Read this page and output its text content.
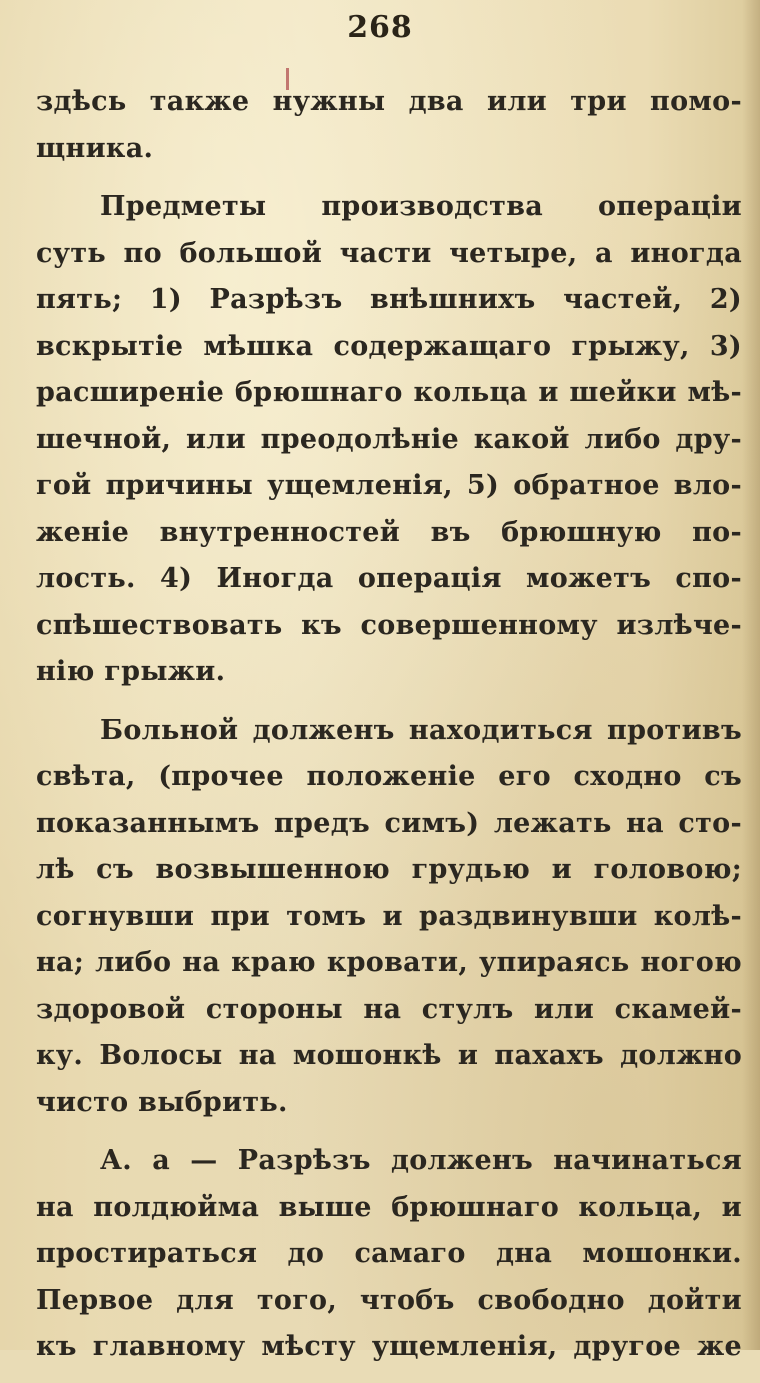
268
здѣсь также нужны два или три помо-
щника.
Предметы производства операціи
суть по большой части четыре, а иногда
пять; 1) Разрѣзъ внѣшнихъ частей, 2)
вскрытіе мѣшка содержащаго грыжу, 3)
расширеніе брюшнаго кольца и шейки мѣ-
шечной, или преодолѣніе какой либо дру-
гой причины ущемленія, 5) обратное вло-
женіе внутренностей въ брюшную по-
лость. 4) Иногда операція можетъ спо-
спѣшествовать къ совершенному излѣче-
нію грыжи.
Больной долженъ находиться противъ
свѣта, (прочее положеніе его сходно съ
показаннымъ предъ симъ) лежать на сто-
лѣ съ возвышенною грудью и головою;
согнувши при томъ и раздвинувши колѣ-
на; либо на краю кровати, упираясь ногою
здоровой стороны на стулъ или скамей-
ку. Волосы на мошонкѣ и пахахъ должно
чисто выбрить.
А. а — Разрѣзъ долженъ начинаться
на полдюйма выше брюшнаго кольца, и
простираться до самаго дна мошонки.
Первое для того, чтобъ свободно дойти
къ главному мѣсту ущемленія, другое же
